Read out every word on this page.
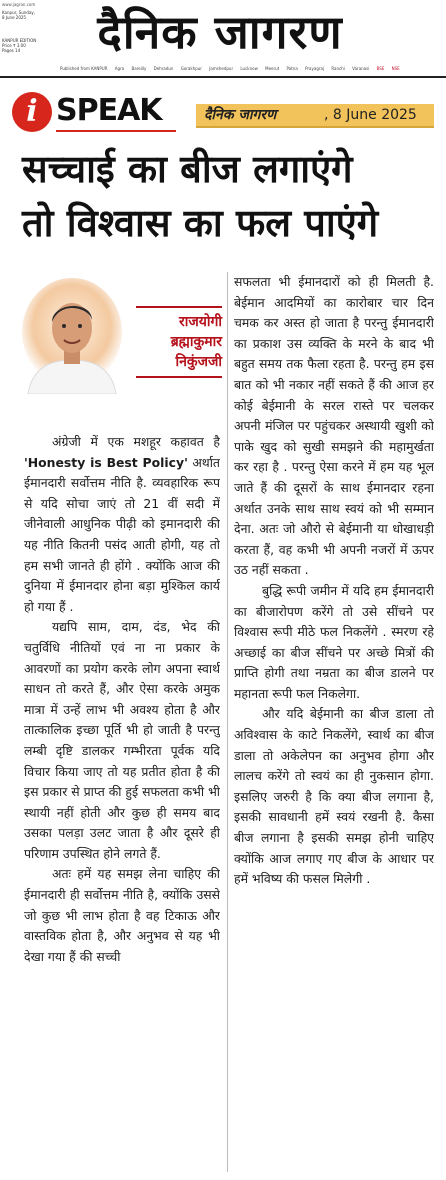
www.jagran.com
Kanpur, Sunday,
8 June 2025
KANPUR EDITION
Price ₹ 3.00
Pages 14	दैनिक जागरण
Published from KANPUR Agra Bareilly Dehradun Gorakhpur Jamshedpur Lucknow Meerut Patna Prayagraj Ranchi Varanasi BSE NSE
i SPEAK	दैनिक जागरण	, 8 June 2025
सच्चाई का बीज लगाएंगे
तो विश्वास का फल पाएंगे
राजयोगी
ब्रह्माकुमार
निकुंजजी

अंग्रेजी में एक मशहूर कहावत है 'Honesty is Best Policy' अर्थात ईमानदारी सर्वोत्तम नीति है. व्यवहारिक रूप से यदि सोचा जाएं तो 21 वीं सदी में जीनेवाली आधुनिक पीढ़ी को इमानदारी की यह नीति कितनी पसंद आती होगी, यह तो हम सभी जानते ही होंगे . क्योंकि आज की दुनिया में ईमानदार होना बड़ा मुश्किल कार्य हो गया हैं .

यद्यपि साम, दाम, दंड, भेद की चतुर्विधि नीतियों एवं ना ना प्रकार के आवरणों का प्रयोग करके लोग अपना स्वार्थ साधन तो करते हैं, और ऐसा करके अमुक मात्रा में उन्हें लाभ भी अवश्य होता है और तात्कालिक इच्छा पूर्ति भी हो जाती है परन्तु लम्बी दृष्टि डालकर गम्भीरता पूर्वक यदि विचार किया जाए तो यह प्रतीत होता है की इस प्रकार से प्राप्त की हुई सफलता कभी भी स्थायी नहीं होती और कुछ ही समय बाद उसका पलड़ा उलट जाता है और दूसरे ही परिणाम उपस्थित होने लगते हैं.

अतः हमें यह समझ लेना चाहिए की ईमानदारी ही सर्वोत्तम नीति है, क्योंकि उससे जो कुछ भी लाभ होता है वह टिकाऊ और वास्तविक होता है, और अनुभव से यह भी देखा गया हैं की सच्ची

सफलता भी ईमानदारों को ही मिलती है. बेईमान आदमियों का कारोबार चार दिन चमक कर अस्त हो जाता है परन्तु ईमानदारी का प्रकाश उस व्यक्ति के मरने के बाद भी बहुत समय तक फैला रहता है. परन्तु हम इस बात को भी नकार नहीं सकते हैं की आज हर कोई बेईमानी के सरल रास्ते पर चलकर अपनी मंजिल पर पहुंचकर अस्थायी खुशी को पाके खुद को सुखी समझने की महामुर्खता कर रहा है . परन्तु ऐसा करने में हम यह भूल जाते हैं की दूसरों के साथ ईमानदार रहना अर्थात उनके साथ साथ स्वयं को भी सम्मान देना. अतः जो औरो से बेईमानी या धोखाधड़ी करता हैं, वह कभी भी अपनी नजरों में ऊपर उठ नहीं सकता .

बुद्धि रूपी जमीन में यदि हम ईमानदारी का बीजारोपण करेंगे तो उसे सींचने पर विश्वास रूपी मीठे फल निकलेंगे . स्मरण रहे अच्छाई का बीज सींचने पर अच्छे मित्रों की प्राप्ति होगी तथा नम्रता का बीज डालने पर महानता रूपी फल निकलेगा.

और यदि बेईमानी का बीज डाला तो अविश्वास के काटे निकलेंगे, स्वार्थ का बीज डाला तो अकेलेपन का अनुभव होगा और लालच करेंगे तो स्वयं का ही नुकसान होगा. इसलिए जरुरी है कि क्या बीज लगाना है, इसकी सावधानी हमें स्वयं रखनी है. कैसा बीज लगाना है इसकी समझ होनी चाहिए क्योंकि आज लगाए गए बीज के आधार पर हमें भविष्य की फसल मिलेगी .
